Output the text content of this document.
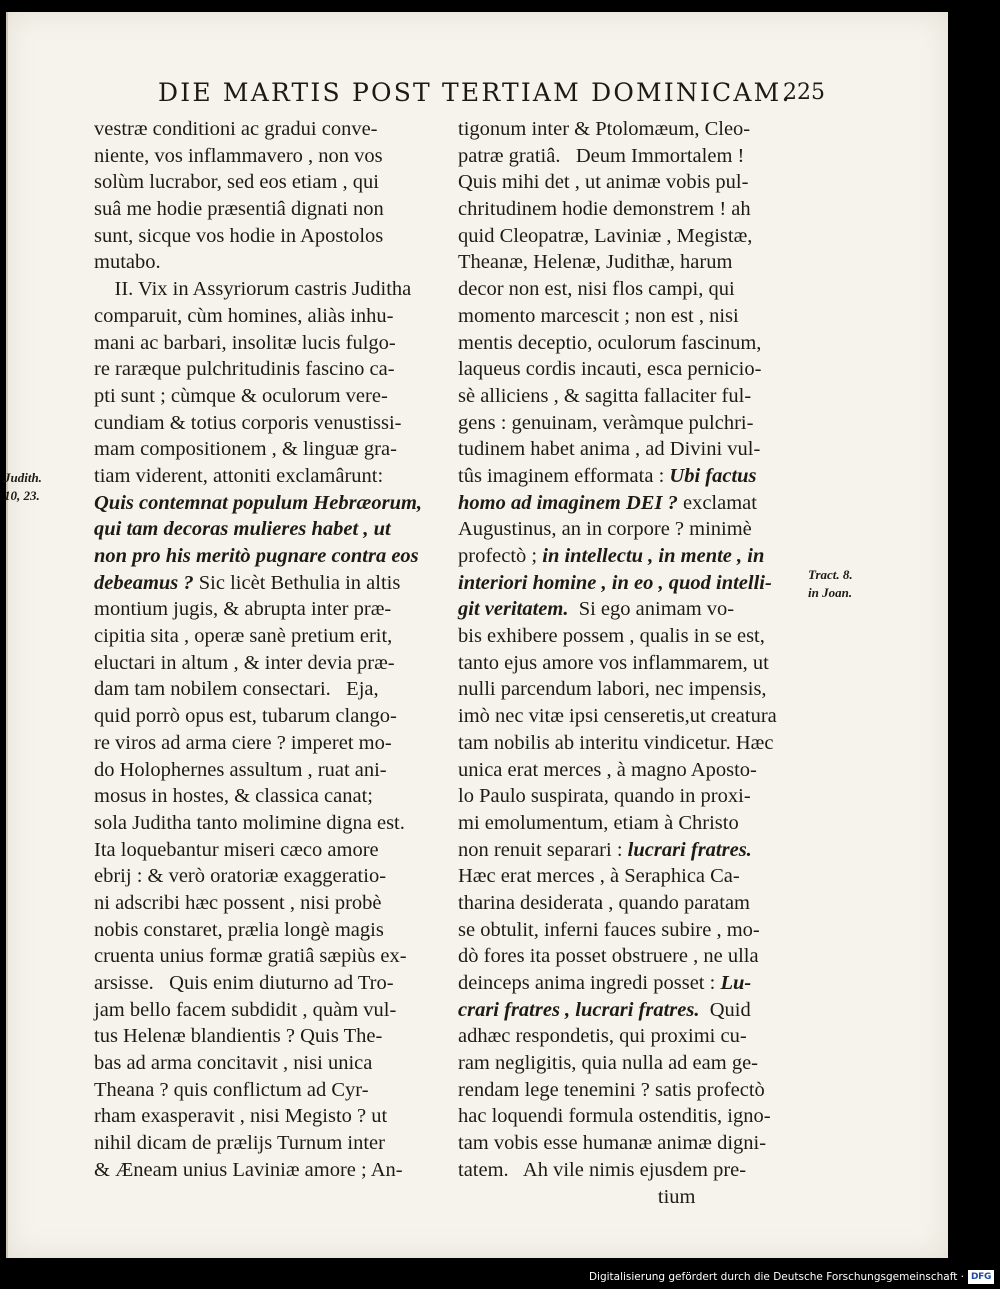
DIE MARTIS POST TERTIAM DOMINICAM.
225
Judith.
10, 23.
Tract. 8.
in Joan.
vestræ conditioni ac gradui conve-
niente, vos inflammavero , non vos
solùm lucrabor, sed eos etiam , qui
suâ me hodie præsentiâ dignati non
sunt, sicque vos hodie in Apostolos
mutabo.
II. Vix in Assyriorum castris Juditha
comparuit, cùm homines, aliàs inhu-
mani ac barbari, insolitæ lucis fulgo-
re raræque pulchritudinis fascino ca-
pti sunt ; cùmque & oculorum vere-
cundiam & totius corporis venustissi-
mam compositionem , & linguæ gra-
tiam viderent, attoniti exclamârunt:
Quis contemnat populum Hebræorum,
qui tam decoras mulieres habet , ut
non pro his meritò pugnare contra eos
debeamus ? Sic licèt Bethulia in altis
montium jugis, & abrupta inter præ-
cipitia sita , operæ sanè pretium erit,
eluctari in altum , & inter devia præ-
dam tam nobilem consectari.   Eja,
quid porrò opus est, tubarum clango-
re viros ad arma ciere ? imperet mo-
do Holophernes assultum , ruat ani-
mosus in hostes, & classica canat;
sola Juditha tanto molimine digna est.
Ita loquebantur miseri cæco amore
ebrij : & verò oratoriæ exaggeratio-
ni adscribi hæc possent , nisi probè
nobis constaret, prælia longè magis
cruenta unius formæ gratiâ sæpiùs ex-
arsisse.   Quis enim diuturno ad Tro-
jam bello facem subdidit , quàm vul-
tus Helenæ blandientis ? Quis The-
bas ad arma concitavit , nisi unica
Theana ? quis conflictum ad Cyr-
rham exasperavit , nisi Megisto ? ut
nihil dicam de prælijs Turnum inter
& Æneam unius Laviniæ amore ; An-
tigonum inter & Ptolomæum, Cleo-
patræ gratiâ.   Deum Immortalem !
Quis mihi det , ut animæ vobis pul-
chritudinem hodie demonstrem ! ah
quid Cleopatræ, Laviniæ , Megistæ,
Theanæ, Helenæ, Judithæ, harum
decor non est, nisi flos campi, qui
momento marcescit ; non est , nisi
mentis deceptio, oculorum fascinum,
laqueus cordis incauti, esca pernicio-
sè alliciens , & sagitta fallaciter ful-
gens : genuinam, veràmque pulchri-
tudinem habet anima , ad Divini vul-
tûs imaginem efformata : Ubi factus
homo ad imaginem DEI ? exclamat
Augustinus, an in corpore ? minimè
profectò ; in intellectu , in mente , in
interiori homine , in eo , quod intelli-
git veritatem.  Si ego animam vo-
bis exhibere possem , qualis in se est,
tanto ejus amore vos inflammarem, ut
nulli parcendum labori, nec impensis,
imò nec vitæ ipsi censeretis,ut creatura
tam nobilis ab interitu vindicetur. Hæc
unica erat merces , à magno Aposto-
lo Paulo suspirata, quando in proxi-
mi emolumentum, etiam à Christo
non renuit separari : lucrari fratres.
Hæc erat merces , à Seraphica Ca-
tharina desiderata , quando paratam
se obtulit, inferni fauces subire , mo-
dò fores ita posset obstruere , ne ulla
deinceps anima ingredi posset : Lu-
crari fratres , lucrari fratres.  Quid
adhæc respondetis, qui proximi cu-
ram negligitis, quia nulla ad eam ge-
rendam lege tenemini ? satis profectò
hac loquendi formula ostenditis, igno-
tam vobis esse humanæ animæ digni-
tatem.   Ah vile nimis ejusdem pre-
tium
Digitalisierung gefördert durch die Deutsche Forschungsgemeinschaft · DFG
